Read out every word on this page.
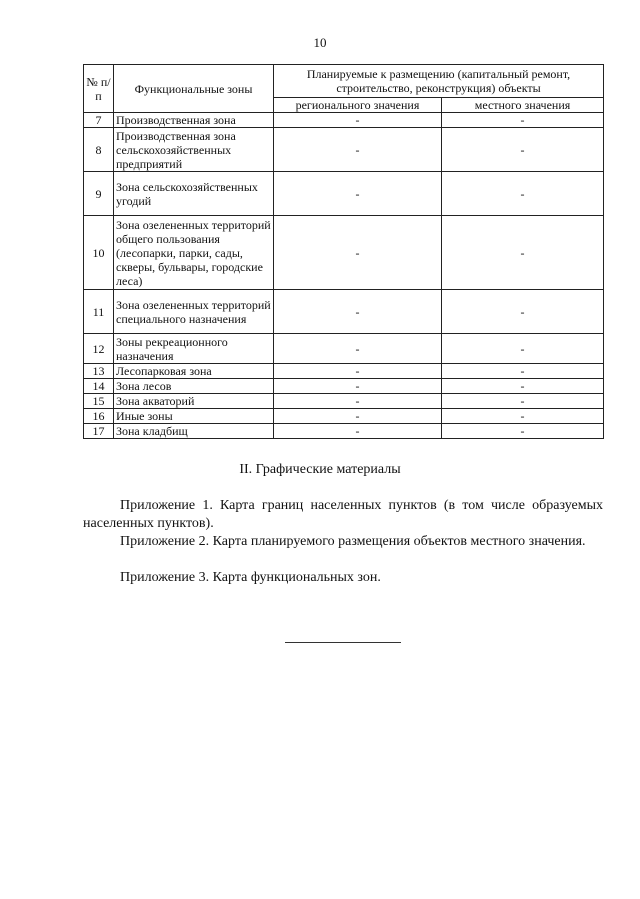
10
№ п/п	Функциональные зоны	Планируемые к размещению (капитальный ремонт, строительство, реконструкция) объекты	
		регионального значения	местного значения
7	Производственная зона	-	-
8	Производственная зона сельскохозяйственных предприятий	-	-
9	Зона сельскохозяйственных угодий	-	-
10	Зона озелененных территорий общего пользования (лесопарки, парки, сады, скверы, бульвары, городские леса)	-	-
11	Зона озелененных территорий специального назначения	-	-
12	Зоны рекреационного назначения	-	-
13	Лесопарковая зона	-	-
14	Зона лесов	-	-
15	Зона акваторий	-	-
16	Иные зоны	-	-
17	Зона кладбищ	-	-
II. Графические материалы
Приложение 1. Карта границ населенных пунктов (в том числе образуемых населенных пунктов).
Приложение 2. Карта планируемого размещения объектов местного значения.
Приложение 3. Карта функциональных зон.
